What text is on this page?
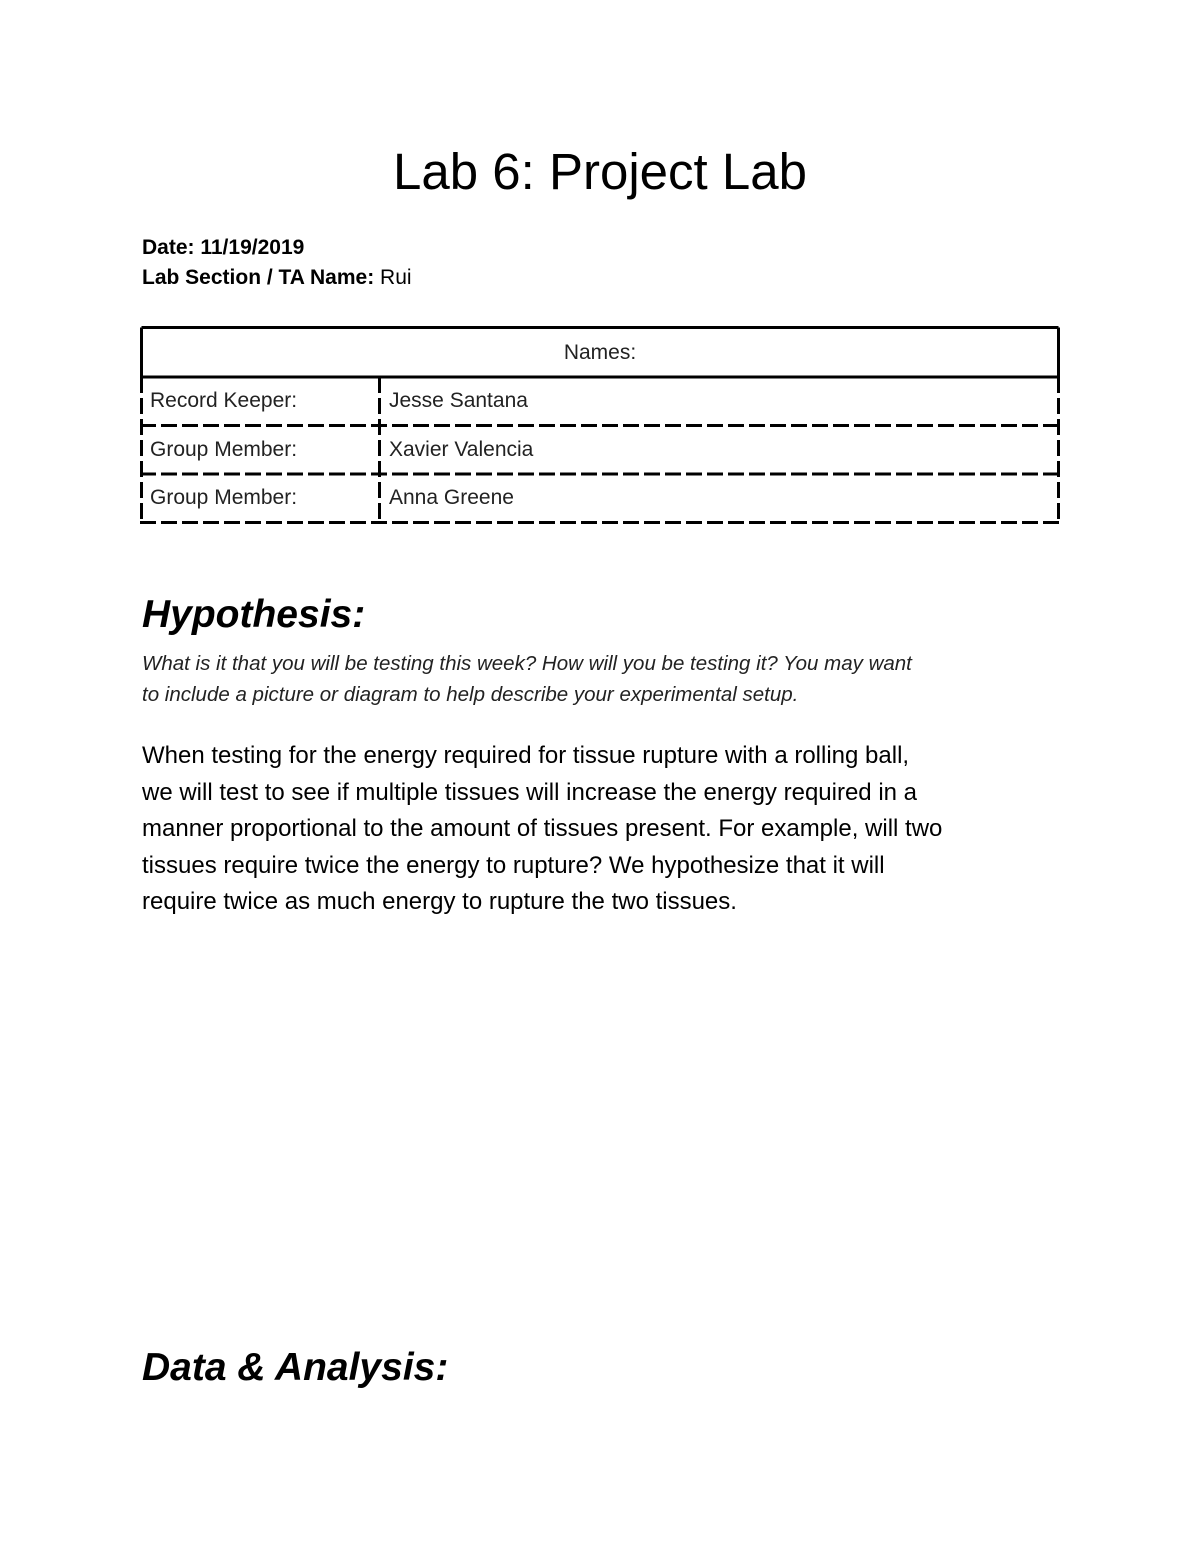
Lab 6: Project Lab
Date: 11/19/2019
Lab Section / TA Name: Rui
Names:
Record Keeper:	Jesse Santana
Group Member:	Xavier Valencia
Group Member:	Anna Greene
Hypothesis:
What is it that you will be testing this week? How will you be testing it? You may want
to include a picture or diagram to help describe your experimental setup.
When testing for the energy required for tissue rupture with a rolling ball,
we will test to see if multiple tissues will increase the energy required in a
manner proportional to the amount of tissues present. For example, will two
tissues require twice the energy to rupture? We hypothesize that it will
require twice as much energy to rupture the two tissues.
Data & Analysis:
